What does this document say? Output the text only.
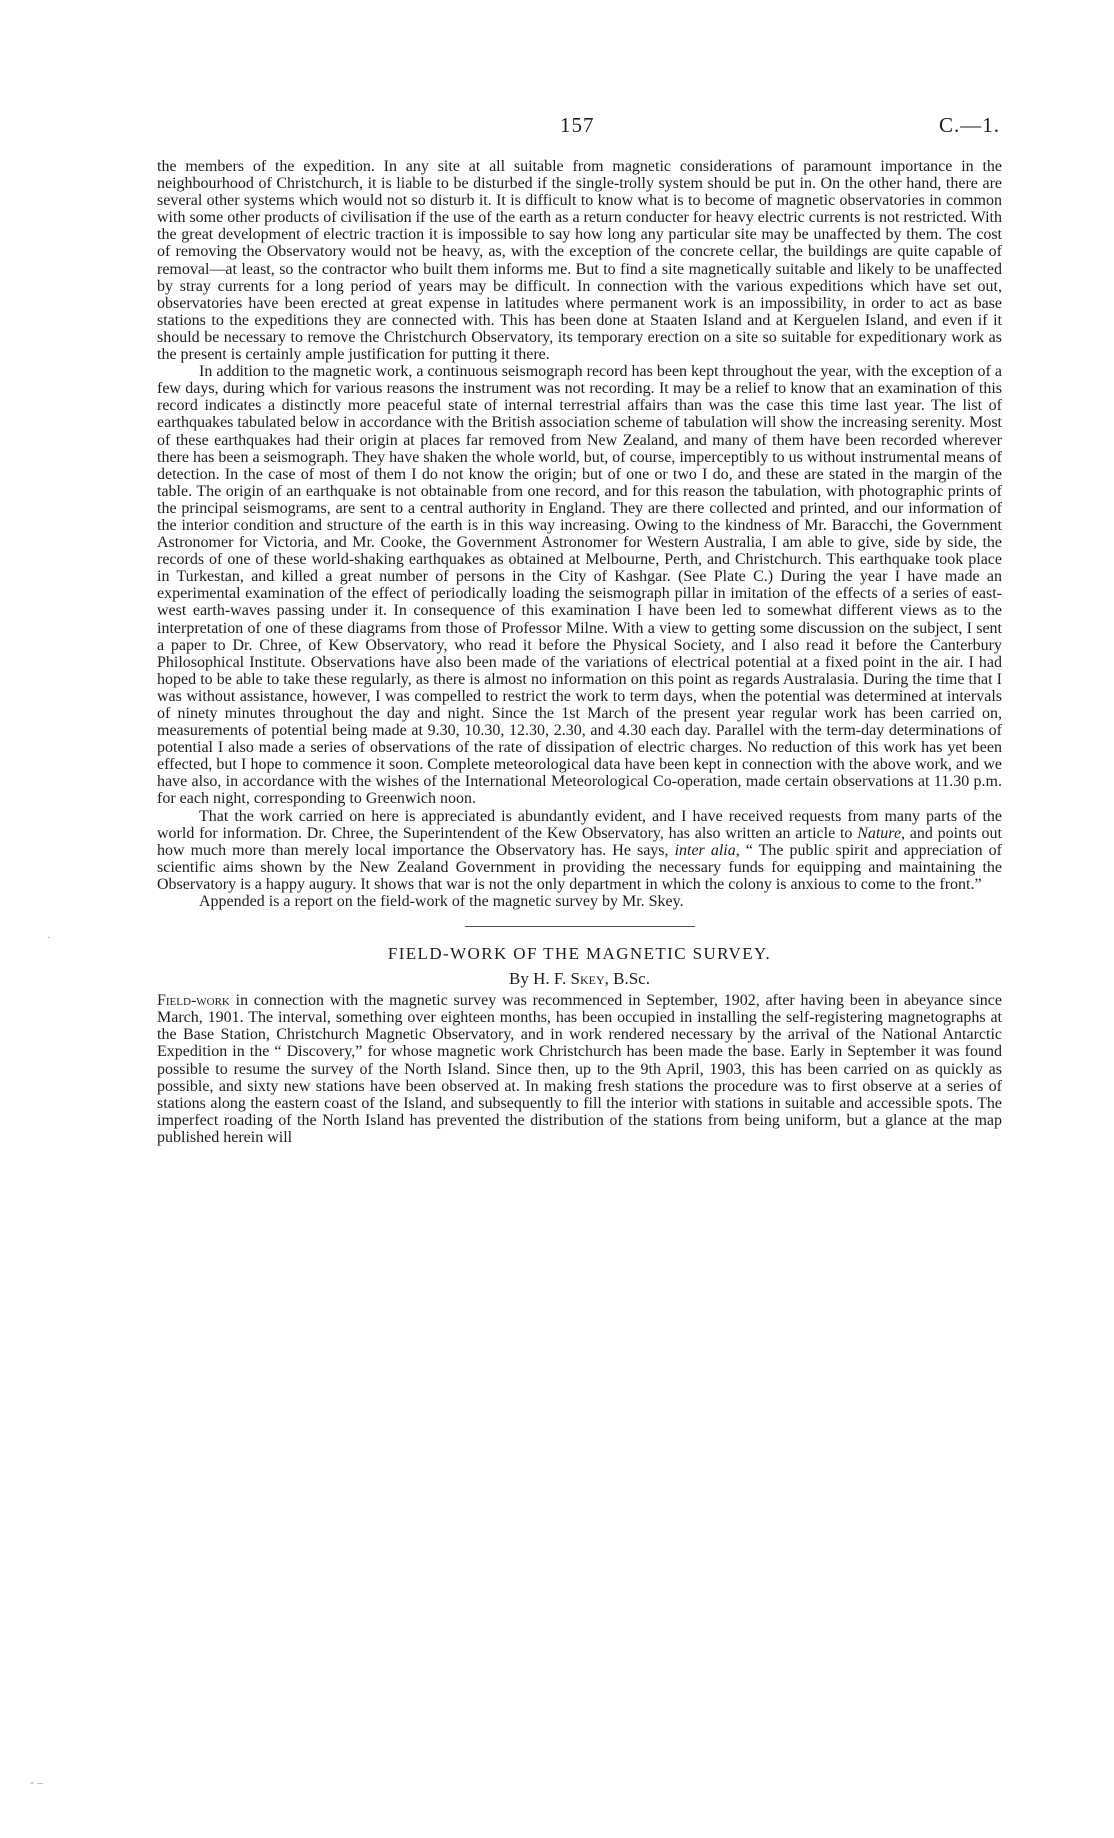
157	C.—1.
·
- –

the members of the expedition. In any site at all suitable from magnetic considerations of paramount importance in the neighbourhood of Christchurch, it is liable to be disturbed if the single-trolly system should be put in. On the other hand, there are several other systems which would not so disturb it. It is difficult to know what is to become of magnetic observatories in common with some other products of civilisation if the use of the earth as a return conducter for heavy electric currents is not restricted. With the great development of electric traction it is impossible to say how long any particular site may be unaffected by them. The cost of removing the Observatory would not be heavy, as, with the exception of the concrete cellar, the buildings are quite capable of removal—at least, so the contractor who built them informs me. But to find a site magnetically suitable and likely to be unaffected by stray currents for a long period of years may be difficult. In connection with the various expeditions which have set out, observatories have been erected at great expense in latitudes where permanent work is an impossibility, in order to act as base stations to the expeditions they are connected with. This has been done at Staaten Island and at Kerguelen Island, and even if it should be necessary to remove the Christchurch Observatory, its temporary erection on a site so suitable for expeditionary work as the present is certainly ample justification for putting it there.

In addition to the magnetic work, a continuous seismograph record has been kept throughout the year, with the exception of a few days, during which for various reasons the instrument was not recording. It may be a relief to know that an examination of this record indicates a distinctly more peaceful state of internal terrestrial affairs than was the case this time last year. The list of earthquakes tabulated below in accordance with the British association scheme of tabulation will show the increasing serenity. Most of these earthquakes had their origin at places far removed from New Zealand, and many of them have been recorded wherever there has been a seismograph. They have shaken the whole world, but, of course, imperceptibly to us without instrumental means of detection. In the case of most of them I do not know the origin; but of one or two I do, and these are stated in the margin of the table. The origin of an earthquake is not obtainable from one record, and for this reason the tabulation, with photographic prints of the principal seismograms, are sent to a central authority in England. They are there collected and printed, and our information of the interior condition and structure of the earth is in this way increasing. Owing to the kindness of Mr. Baracchi, the Government Astronomer for Victoria, and Mr. Cooke, the Government Astronomer for Western Australia, I am able to give, side by side, the records of one of these world-shaking earthquakes as obtained at Melbourne, Perth, and Christchurch. This earthquake took place in Turkestan, and killed a great number of persons in the City of Kashgar. (See Plate C.) During the year I have made an experimental examination of the effect of periodically loading the seismograph pillar in imitation of the effects of a series of east-west earth-waves passing under it. In consequence of this examination I have been led to somewhat different views as to the interpretation of one of these diagrams from those of Professor Milne. With a view to getting some discussion on the subject, I sent a paper to Dr. Chree, of Kew Observatory, who read it before the Physical Society, and I also read it before the Canterbury Philosophical Institute. Observations have also been made of the variations of electrical potential at a fixed point in the air. I had hoped to be able to take these regularly, as there is almost no information on this point as regards Australasia. During the time that I was without assistance, however, I was compelled to restrict the work to term days, when the potential was determined at intervals of ninety minutes throughout the day and night. Since the 1st March of the present year regular work has been carried on, measurements of potential being made at 9.30, 10.30, 12.30, 2.30, and 4.30 each day. Parallel with the term-day determinations of potential I also made a series of observations of the rate of dissipation of electric charges. No reduction of this work has yet been effected, but I hope to commence it soon. Complete meteorological data have been kept in connection with the above work, and we have also, in accordance with the wishes of the International Meteorological Co-operation, made certain observations at 11.30 p.m. for each night, corresponding to Greenwich noon.

That the work carried on here is appreciated is abundantly evident, and I have received requests from many parts of the world for information. Dr. Chree, the Superintendent of the Kew Observatory, has also written an article to Nature, and points out how much more than merely local importance the Observatory has. He says, inter alia, “ The public spirit and appreciation of scientific aims shown by the New Zealand Government in providing the necessary funds for equipping and maintaining the Observatory is a happy augury. It shows that war is not the only department in which the colony is anxious to come to the front.”

Appended is a report on the field-work of the magnetic survey by Mr. Skey.

FIELD-WORK OF THE MAGNETIC SURVEY.
By H. F. Skey, B.Sc.

Field-work in connection with the magnetic survey was recommenced in September, 1902, after having been in abeyance since March, 1901. The interval, something over eighteen months, has been occupied in installing the self-registering magnetographs at the Base Station, Christchurch Magnetic Observatory, and in work rendered necessary by the arrival of the National Antarctic Expedition in the “ Discovery,” for whose magnetic work Christchurch has been made the base. Early in September it was found possible to resume the survey of the North Island. Since then, up to the 9th April, 1903, this has been carried on as quickly as possible, and sixty new stations have been observed at. In making fresh stations the procedure was to first observe at a series of stations along the eastern coast of the Island, and subsequently to fill the interior with stations in suitable and accessible spots. The imperfect roading of the North Island has prevented the distribution of the stations from being uniform, but a glance at the map published herein will
